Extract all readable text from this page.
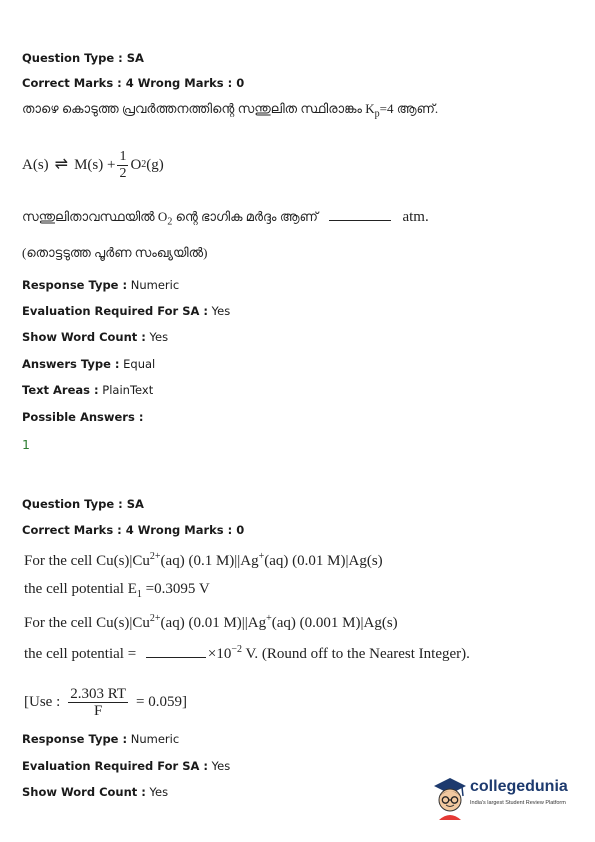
Question Type : SA
Correct Marks : 4 Wrong Marks : 0
താഴെ കൊടുത്ത പ്രവർത്തനത്തിന്റെ സന്തുലിത സ്ഥിരാങ്കം $K_p=4$ ആണ്.
A(s) ⇌ $M(s) + \frac{1}{2}$ O 2 (g)
സന്തുലിതാവസ്ഥയിൽ $O_2$ ന്റെ ഭാഗിക മർദ്ദം ആണ്	atm.
(തൊട്ടടുത്ത പൂർണ സംഖ്യയിൽ)
Response Type : Numeric
Evaluation Required For SA : Yes
Show Word Count : Yes
Answers Type : Equal
Text Areas : PlainText
Possible Answers :
1
Question Type : SA
Correct Marks : 4 Wrong Marks : 0
For the cell $Cu(s)|Cu^{2+}(aq)$ (0.1 M)||Ag+(aq) (0.01 M)|Ag(s)
the cell potential $E_1 =0.3095$ V
For the cell $Cu(s)|Cu^{2+}(aq)$ (0.01 M)||Ag+(aq) (0.001 M)|Ag(s)
the cell potential =	$\times 10^{-2}$ V. (Round off to the Nearest Integer).
[Use : $\frac{2.303 RT}{F} = 0.059$]
Response Type : Numeric
Evaluation Required For SA : Yes
Show Word Count : Yes	collegedunia
India's largest Student Review Platform
